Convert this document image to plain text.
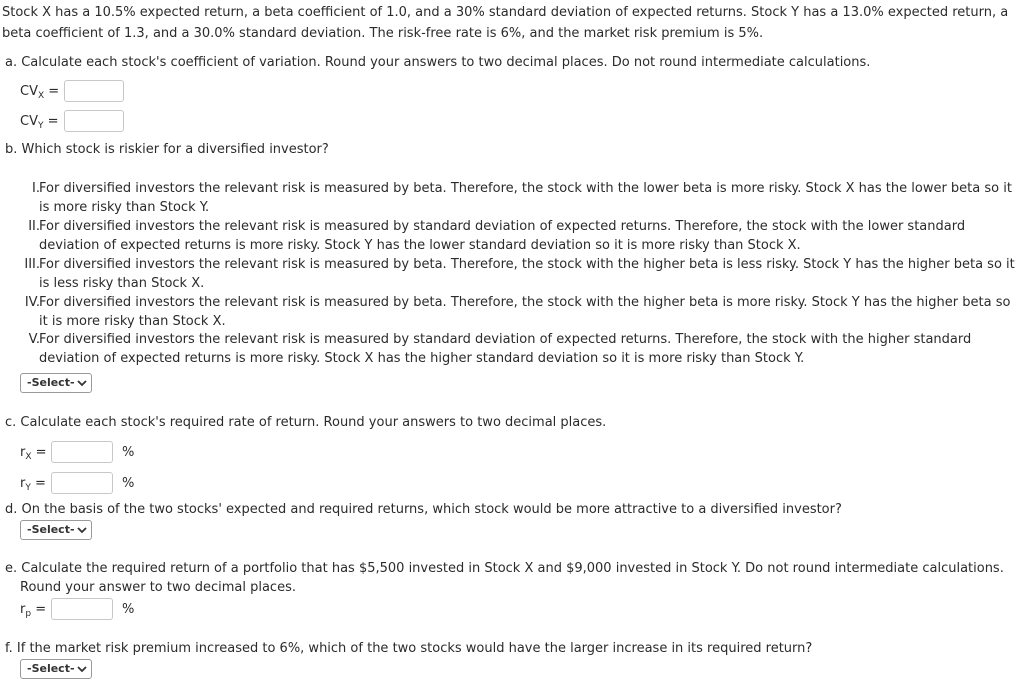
Stock X has a 10.5% expected return, a beta coefficient of 1.0, and a 30% standard deviation of expected returns. Stock Y has a 13.0% expected return, a beta coefficient of 1.3, and a 30.0% standard deviation. The risk-free rate is 6%, and the market risk premium is 5%.
a. Calculate each stock's coefficient of variation. Round your answers to two decimal places. Do not round intermediate calculations.
$CV_X$ =
$CV_Y$ =
b. Which stock is riskier for a diversified investor?
I. For diversified investors the relevant risk is measured by beta. Therefore, the stock with the lower beta is more risky. Stock X has the lower beta so it is more risky than Stock Y.
II. For diversified investors the relevant risk is measured by standard deviation of expected returns. Therefore, the stock with the lower standard deviation of expected returns is more risky. Stock Y has the lower standard deviation so it is more risky than Stock X.
III. For diversified investors the relevant risk is measured by beta. Therefore, the stock with the higher beta is less risky. Stock Y has the higher beta so it is less risky than Stock X.
IV. For diversified investors the relevant risk is measured by beta. Therefore, the stock with the higher beta is more risky. Stock Y has the higher beta so it is more risky than Stock X.
V. For diversified investors the relevant risk is measured by standard deviation of expected returns. Therefore, the stock with the higher standard deviation of expected returns is more risky. Stock X has the higher standard deviation so it is more risky than Stock Y.
-Select-
c. Calculate each stock's required rate of return. Round your answers to two decimal places.
$r_X$ =	%
$r_Y$ =	%
d. On the basis of the two stocks' expected and required returns, which stock would be more attractive to a diversified investor?
-Select-
e. Calculate the required return of a portfolio that has $5,500 invested in Stock X and $9,000 invested in Stock Y. Do not round intermediate calculations.
Round your answer to two decimal places.
$r_p$ =	%
f. If the market risk premium increased to 6%, which of the two stocks would have the larger increase in its required return?
-Select-
